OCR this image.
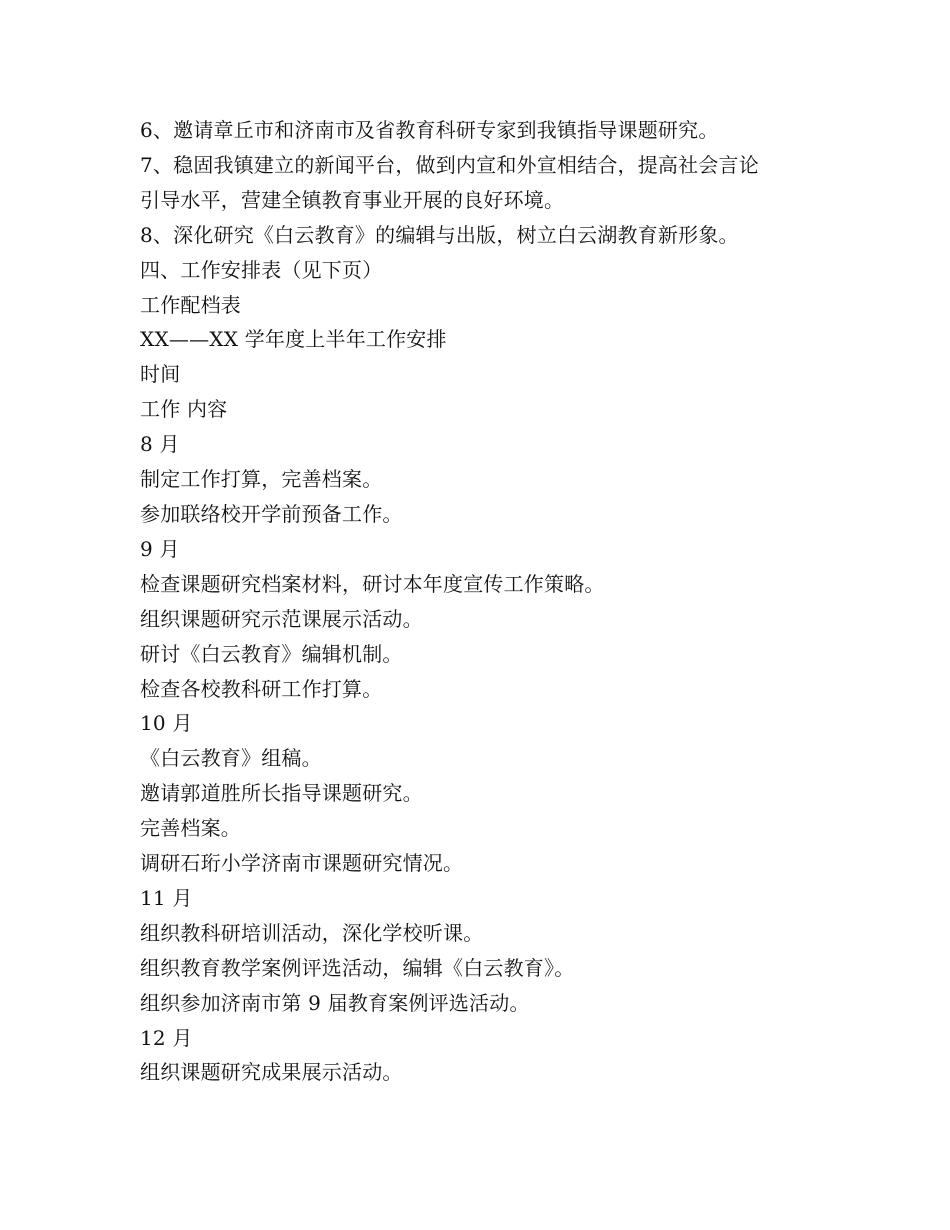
6、邀请章丘市和济南市及省教育科研专家到我镇指导课题研究。
7、稳固我镇建立的新闻平台，做到内宣和外宣相结合，提高社会言论
引导水平，营建全镇教育事业开展的良好环境。
8、深化研究《白云教育》的编辑与出版，树立白云湖教育新形象。
四、工作安排表（见下页）
工作配档表
XX——XX 学年度上半年工作安排
时间
工作 内容
8 月
制定工作打算，完善档案。
参加联络校开学前预备工作。
9 月
检查课题研究档案材料，研讨本年度宣传工作策略。
组织课题研究示范课展示活动。
研讨《白云教育》编辑机制。
检查各校教科研工作打算。
10 月
《白云教育》组稿。
邀请郭道胜所长指导课题研究。
完善档案。
调研石珩小学济南市课题研究情况。
11 月
组织教科研培训活动，深化学校听课。
组织教育教学案例评选活动，编辑《白云教育》。
组织参加济南市第 9 届教育案例评选活动。
12 月
组织课题研究成果展示活动。
